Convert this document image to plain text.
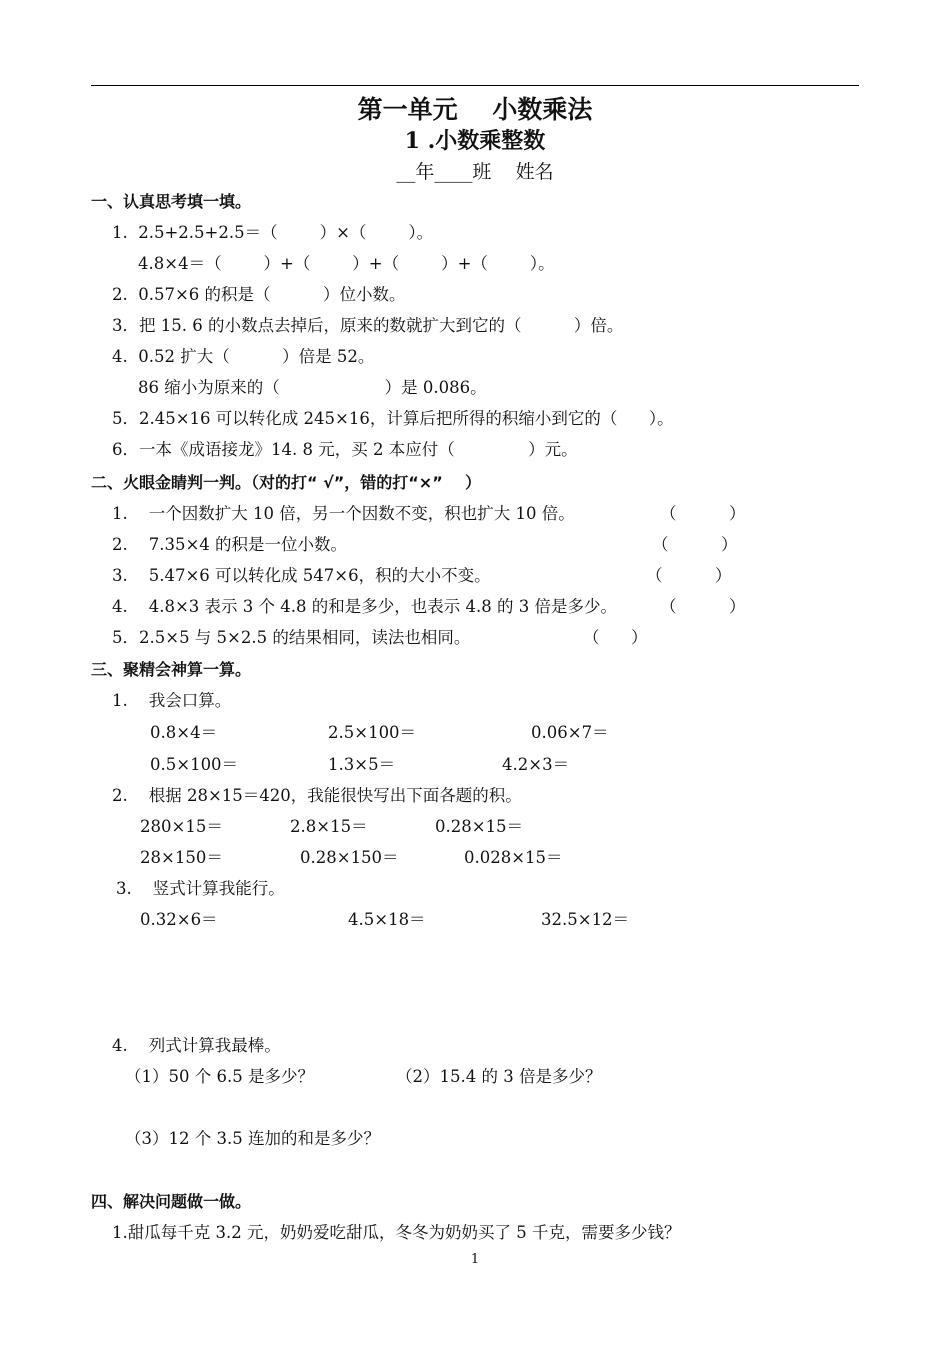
第一单元    小数乘法
1 .小数乘整数
__年____班    姓名
一、认真思考填一填。
1.  2.5+2.5+2.5＝（        ）×（        ）。
4.8×4＝（        ）+（        ）+（        ）+（        ）。
2.  0.57×6 的积是（          ）位小数。
3．把 15. 6 的小数点去掉后，原来的数就扩大到它的（          ）倍。
4.  0.52 扩大（          ）倍是 52。
86 缩小为原来的（                    ）是 0.086。
5．2.45×16 可以转化成 245×16，计算后把所得的积缩小到它的（      ）。
6．一本《成语接龙》14. 8 元，买 2 本应付（              ）元。
二、火眼金睛判一判。（对的打“ √”，错的打“×”    ）
1.    一个因数扩大 10 倍，另一个因数不变，积也扩大 10 倍。	（          ）
2.    7.35×4 的积是一位小数。	（          ）
3.    5.47×6 可以转化成 547×6，积的大小不变。	（          ）
4.    4.8×3 表示 3 个 4.8 的和是多少，也表示 4.8 的 3 倍是多少。	（          ）
5．2.5×5 与 5×2.5 的结果相同，读法也相同。	（      ）
三、聚精会神算一算。
1.    我会口算。
0.8×4＝	2.5×100＝	0.06×7＝
0.5×100＝	1.3×5＝	4.2×3＝
2.    根据 28×15＝420，我能很快写出下面各题的积。
280×15＝	2.8×15＝	0.28×15＝
28×150＝	0.28×150＝	0.028×15＝
3.    竖式计算我能行。
0.32×6＝	4.5×18＝	32.5×12＝
4.    列式计算我最棒。
（1）50 个 6.5 是多少？	（2）15.4 的 3 倍是多少？
（3）12 个 3.5 连加的和是多少？
四、解决问题做一做。
1.甜瓜每千克 3.2 元，奶奶爱吃甜瓜，冬冬为奶奶买了 5 千克，需要多少钱？
1
